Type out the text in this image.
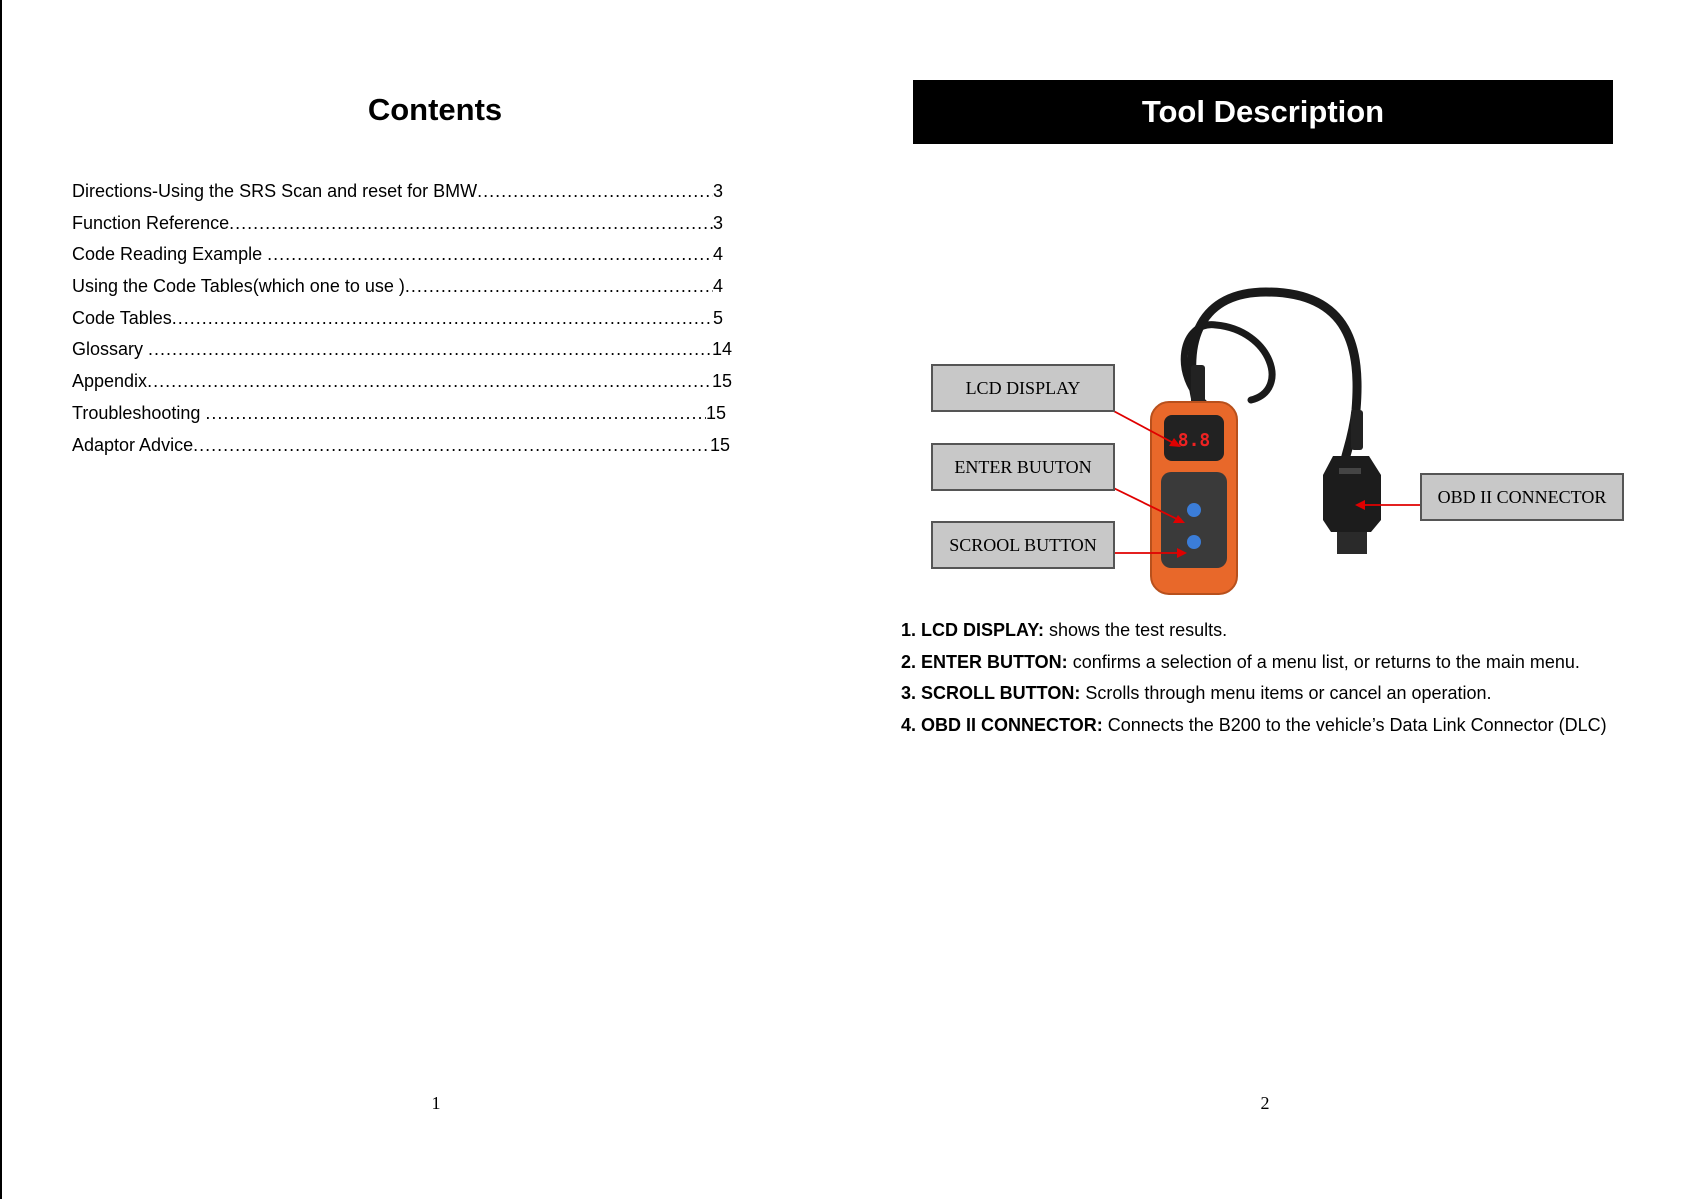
Contents
Directions-Using the SRS Scan and reset for BMW .....	3
Function Reference .....	3
Code Reading Example .....	4
Using the Code Tables(which one to use ) .....	4
Code Tables .....	5
Glossary .....	14
Appendix .....	15
Troubleshooting .....	15
Adaptor Advice .....	15
1
Tool Description
8.8
LCD DISPLAY
ENTER BUUTON
SCROOL BUTTON
OBD II CONNECTOR
1. LCD DISPLAY: shows the test results.
2. ENTER BUTTON: confirms a selection of a menu list, or returns to the main menu.
3. SCROLL BUTTON: Scrolls through menu items or cancel an operation.
4. OBD II CONNECTOR: Connects the B200 to the vehicle’s Data Link Connector (DLC)
2
